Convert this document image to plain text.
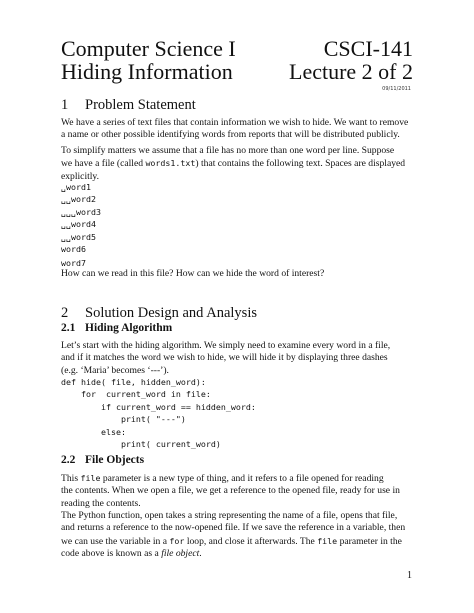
Computer Science I	CSCI-141
Hiding Information	Lecture 2 of 2
09/11/2011
1 Problem Statement
We have a series of text files that contain information we wish to hide. We want to remove
a name or other possible identifying words from reports that will be distributed publicly.
To simplify matters we assume that a file has no more than one word per line. Suppose
we have a file (called words1.txt) that contains the following text. Spaces are displayed
explicitly.
␣word1
␣␣word2
␣␣␣word3
␣␣word4
␣␣word5
word6
word7
How can we read in this file? How can we hide the word of interest?
2 Solution Design and Analysis
2.1 Hiding Algorithm
Let’s start with the hiding algorithm. We simply need to examine every word in a file,
and if it matches the word we wish to hide, we will hide it by displaying three dashes
(e.g. ‘Maria’ becomes ‘---’).
def hide( file, hidden_word):
for  current_word in file:
if current_word == hidden_word:
print( "---")
else:
print( current_word)
2.2 File Objects
This file parameter is a new type of thing, and it refers to a file opened for reading
the contents. When we open a file, we get a reference to the opened file, ready for use in
reading the contents.
The Python function, open takes a string representing the name of a file, opens that file,
and returns a reference to the now-opened file. If we save the reference in a variable, then
we can use the variable in a for loop, and close it afterwards. The file parameter in the
code above is known as a file object.
1
